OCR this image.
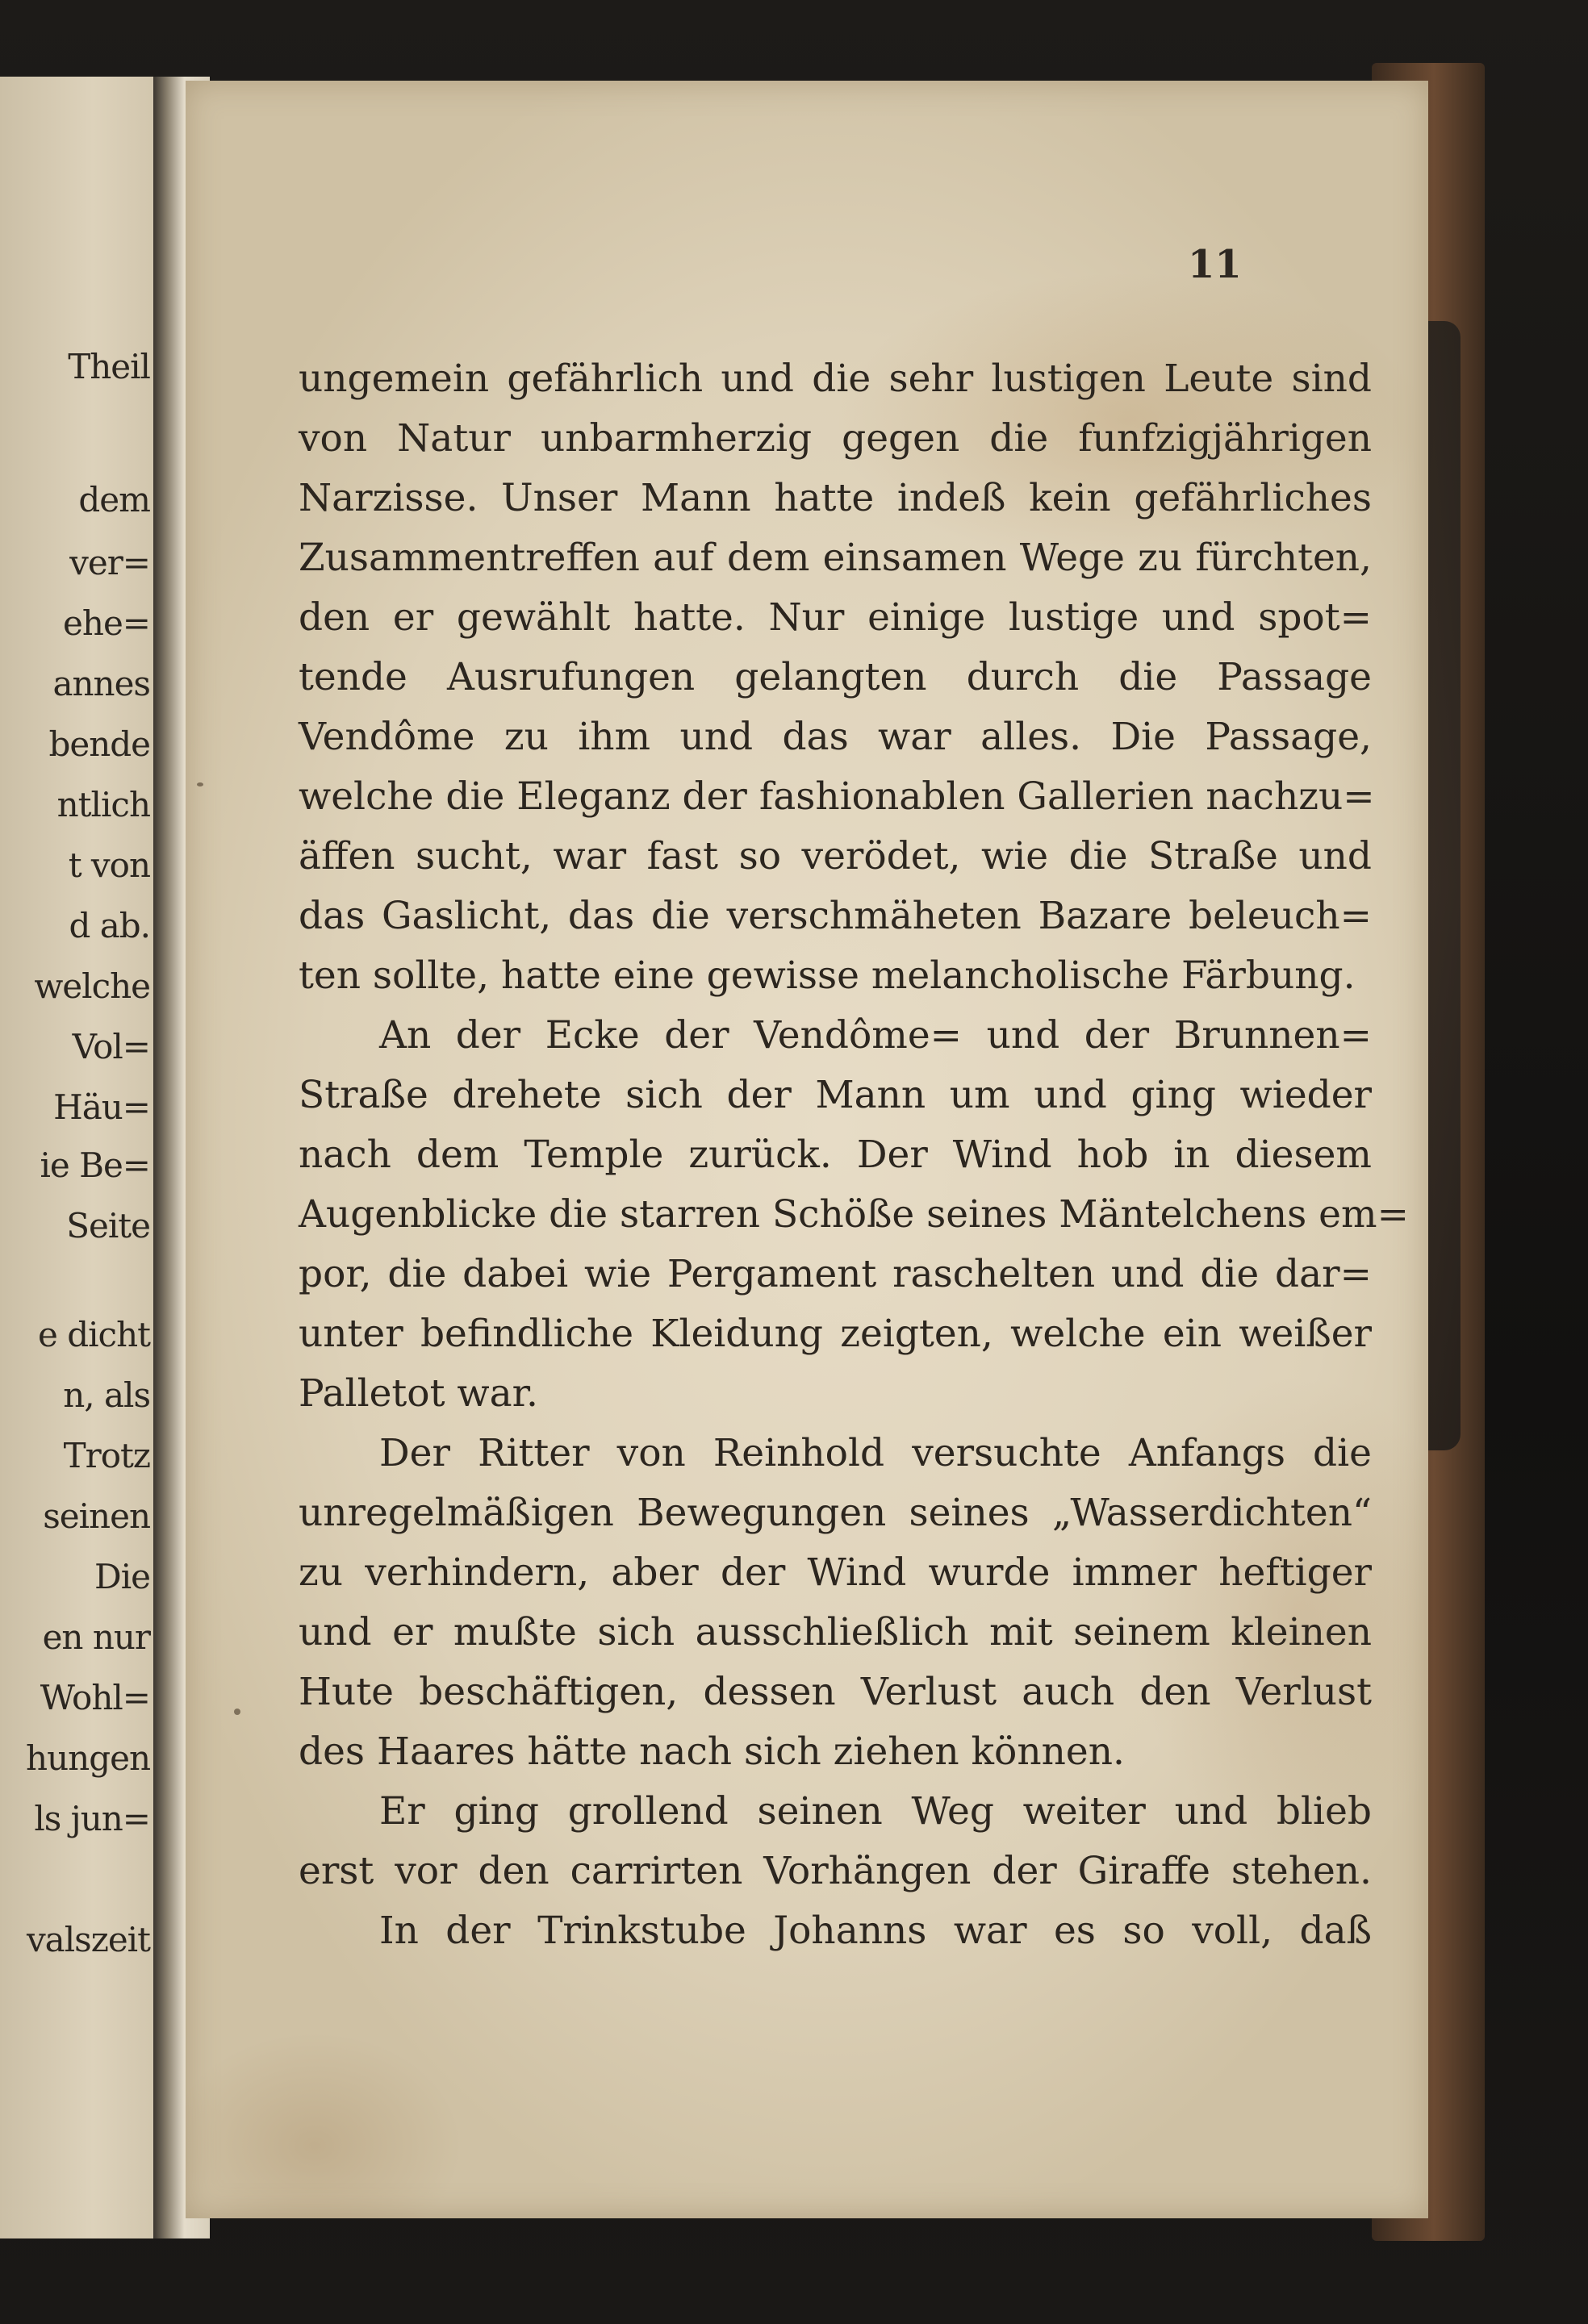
Theil
dem
ver=
ehe=
annes
bende
ntlich
t von
d ab.
welche
Vol=
Häu=
ie Be=
Seite
e dicht
n, als
Trotz
seinen
Die
en nur
Wohl=
hungen
ls jun=
valszeit
11
ungemein gefährlich und die sehr lustigen Leute sind
von Natur unbarmherzig gegen die funfzigjährigen
Narzisse. Unser Mann hatte indeß kein gefährliches
Zusammentreffen auf dem einsamen Wege zu fürchten,
den er gewählt hatte. Nur einige lustige und spot=
tende Ausrufungen gelangten durch die Passage
Vendôme zu ihm und das war alles. Die Passage,
welche die Eleganz der fashionablen Gallerien nachzu=
äffen sucht, war fast so verödet, wie die Straße und
das Gaslicht, das die verschmäheten Bazare beleuch=
ten sollte, hatte eine gewisse melancholische Färbung.
An der Ecke der Vendôme= und der Brunnen=
Straße drehete sich der Mann um und ging wieder
nach dem Temple zurück. Der Wind hob in diesem
Augenblicke die starren Schöße seines Mäntelchens em=
por, die dabei wie Pergament raschelten und die dar=
unter befindliche Kleidung zeigten, welche ein weißer
Palletot war.
Der Ritter von Reinhold versuchte Anfangs die
unregelmäßigen Bewegungen seines „Wasserdichten“
zu verhindern, aber der Wind wurde immer heftiger
und er mußte sich ausschließlich mit seinem kleinen
Hute beschäftigen, dessen Verlust auch den Verlust
des Haares hätte nach sich ziehen können.
Er ging grollend seinen Weg weiter und blieb
erst vor den carrirten Vorhängen der Giraffe stehen.
In der Trinkstube Johanns war es so voll, daß
